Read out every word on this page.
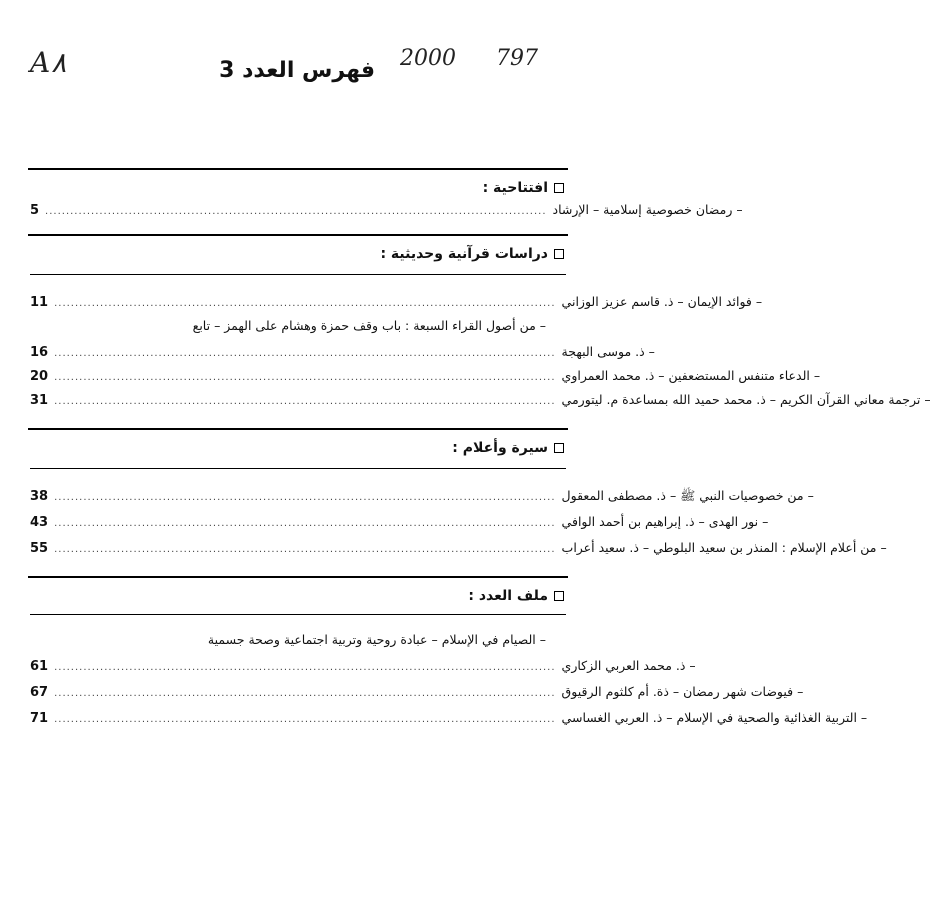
A٨	2000 797
فهرس العدد 3
افتتاحية :
5 ........................................................................................................................ – رمضان خصوصية إسلامية – الإرشاد
دراسات قرآنية وحديثية :
11 ........................................................................................................................ – فوائد الإيمان – ذ. قاسم عزيز الوزاني
– من أصول القراء السبعة : باب وقف حمزة وهشام على الهمز – تابع
16 ........................................................................................................................ – ذ. موسى البهجة
20 ........................................................................................................................ – الدعاء متنفس المستضعفين – ذ. محمد العمراوي
31 ........................................................................................................................ – ترجمة معاني القرآن الكريم – ذ. محمد حميد الله بمساعدة م. ليتورمي
سيرة وأعلام :
38 ........................................................................................................................ – من خصوصيات النبي ﷺ – ذ. مصطفى المعقول
43 ........................................................................................................................ – نور الهدى – ذ. إبراهيم بن أحمد الوافي
55 ........................................................................................................................ – من أعلام الإسلام : المنذر بن سعيد البلوطي – ذ. سعيد أعراب
ملف العدد :
– الصيام في الإسلام – عبادة روحية وتربية اجتماعية وصحة جسمية
61 ........................................................................................................................ – ذ. محمد العربي الزكاري
67 ........................................................................................................................ – فيوضات شهر رمضان – ذة. أم كلثوم الرقيوق
71 ........................................................................................................................ – التربية الغذائية والصحية في الإسلام – ذ. العربي الغساسي
